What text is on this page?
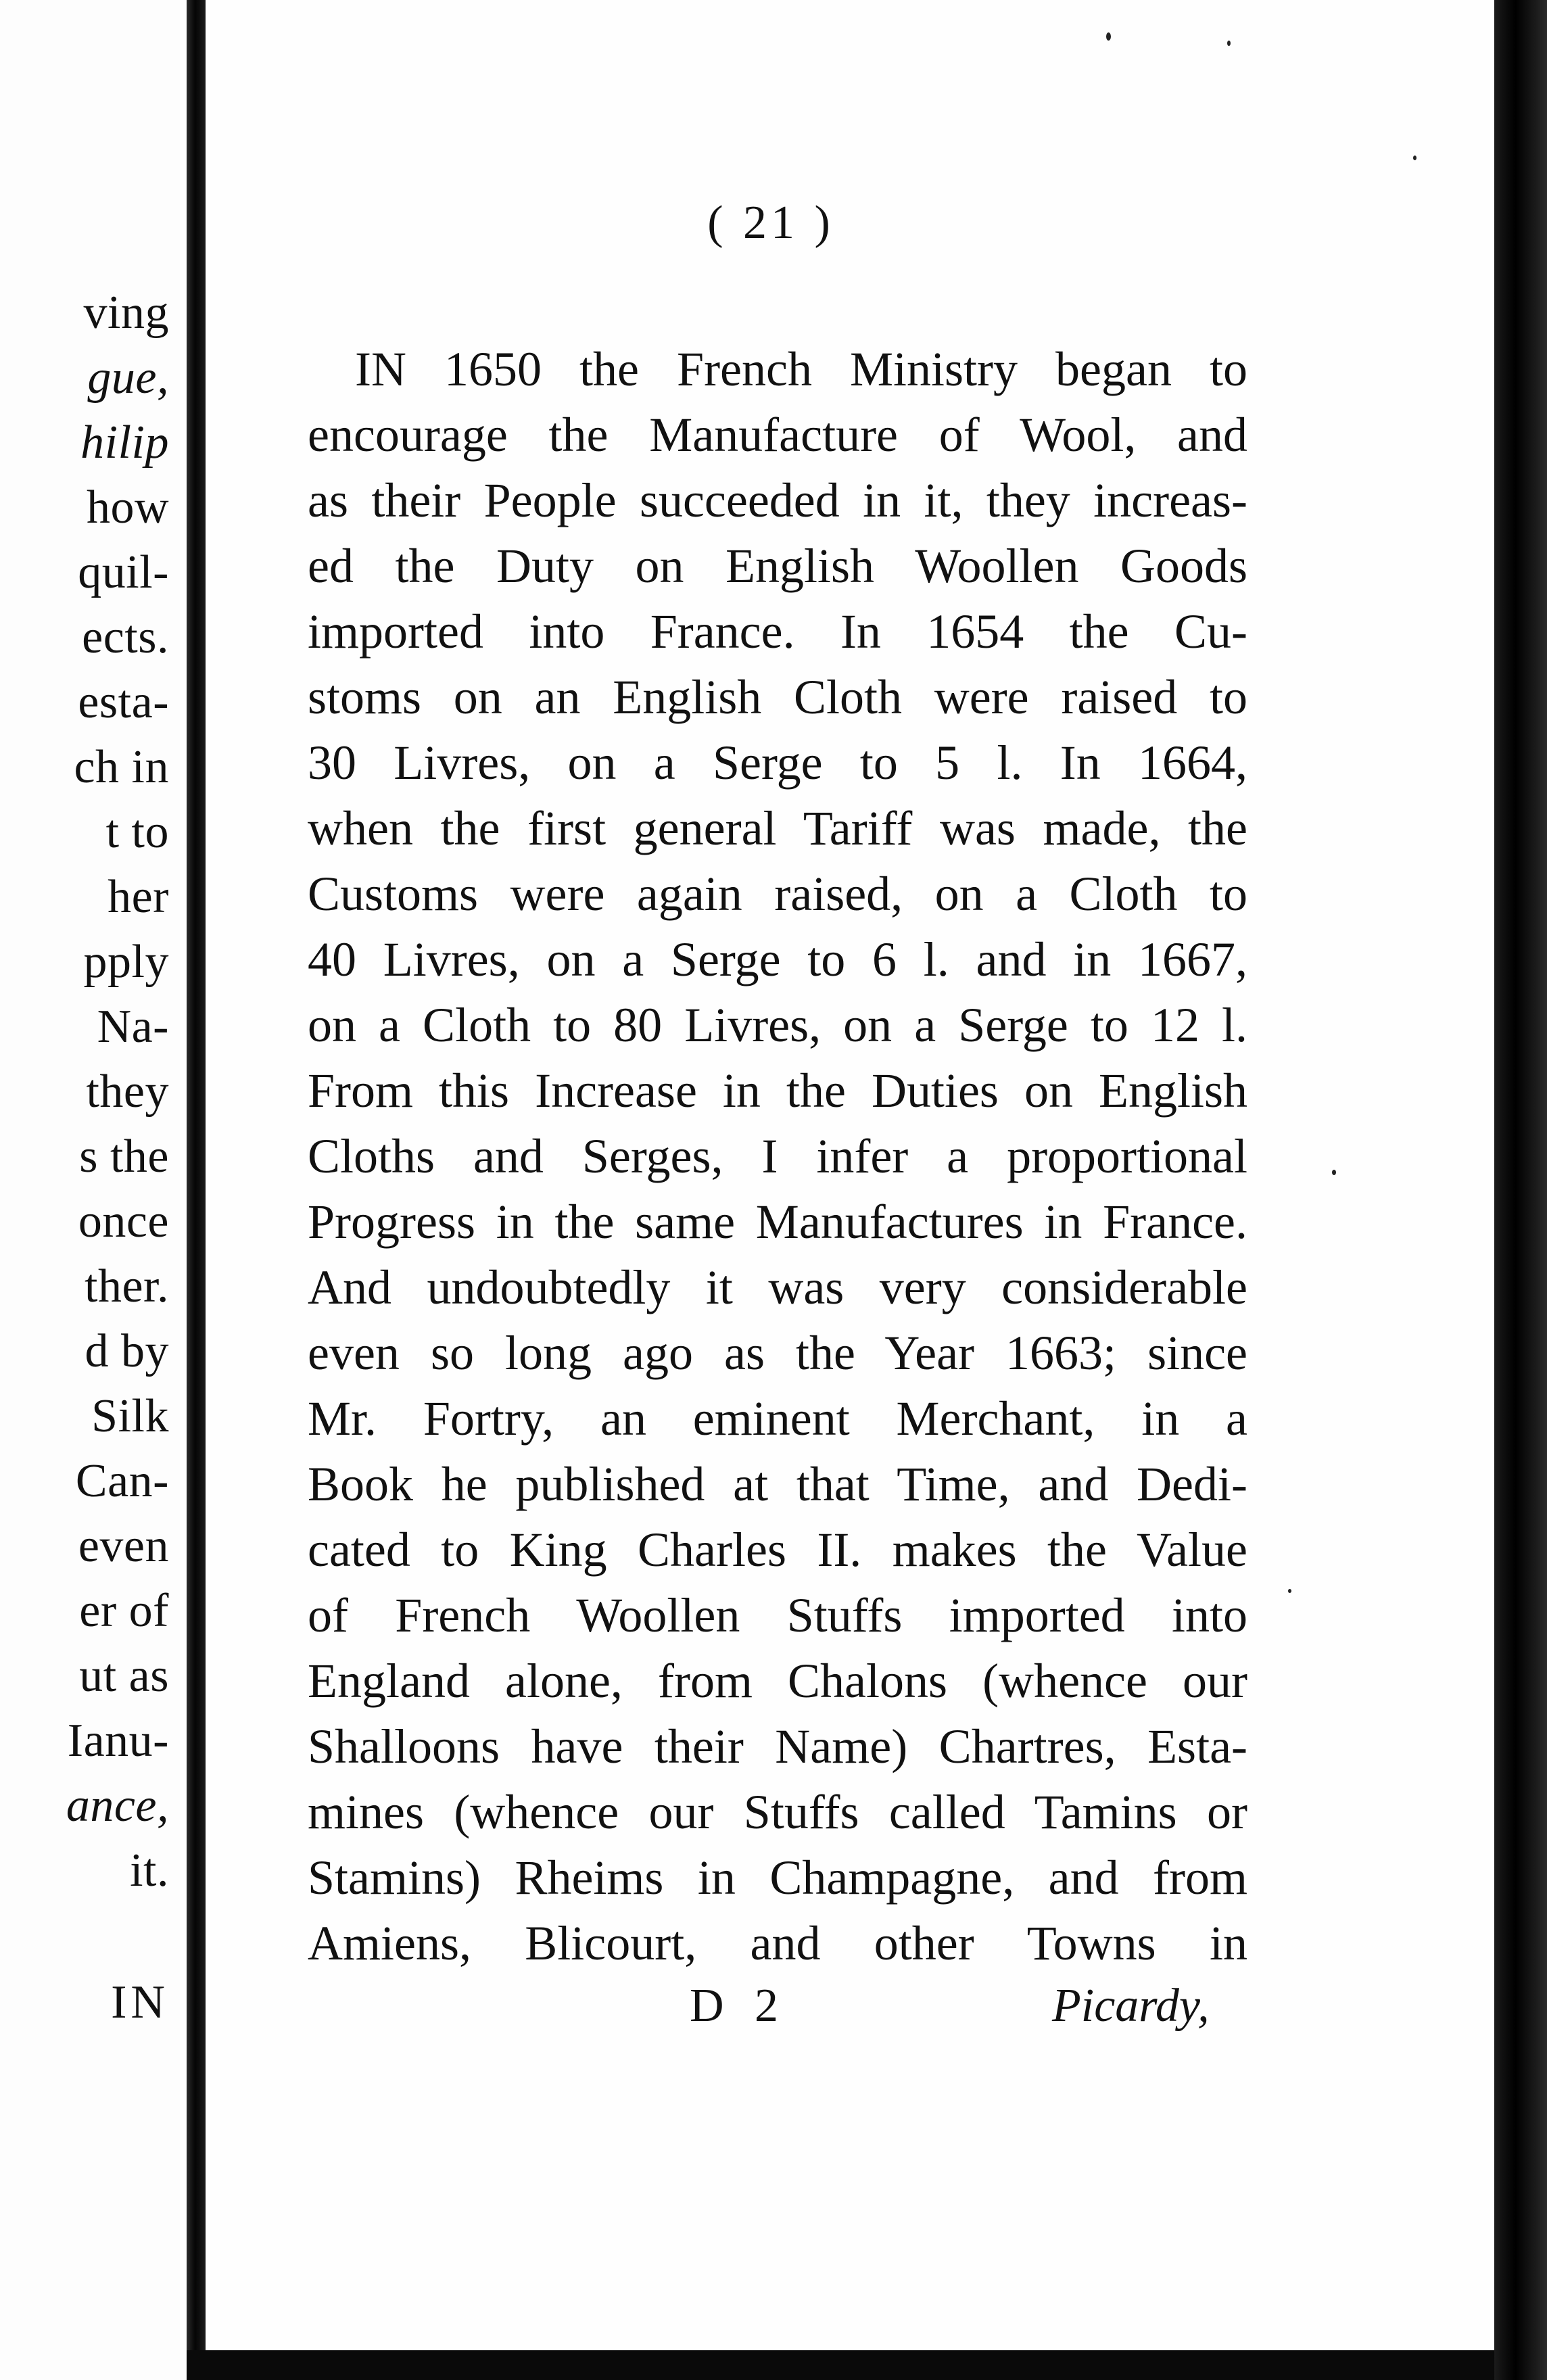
ving
gue,
hilip
how
quil-
ects.
esta-
ch in
t to
her
pply
Na-
they
s the
once
ther.
d by
Silk
Can-
even
er of
ut as
Ianu-
ance,
it.
IN
( 21 )
IN 1650 the French Ministry began to
encourage the Manufacture of Wool, and
as their People succeeded in it, they increas-
ed the Duty on English Woollen Goods
imported into France. In 1654 the Cu-
stoms on an English Cloth were raised to
30 Livres, on a Serge to 5 l. In 1664,
when the first general Tariff was made, the
Customs were again raised, on a Cloth to
40 Livres, on a Serge to 6 l. and in 1667,
on a Cloth to 80 Livres, on a Serge to 12 l.
From this Increase in the Duties on English
Cloths and Serges, I infer a proportional
Progress in the same Manufactures in France.
And undoubtedly it was very considerable
even so long ago as the Year 1663; since
Mr. Fortry, an eminent Merchant, in a
Book he published at that Time, and Dedi-
cated to King Charles II. makes the Value
of French Woollen Stuffs imported into
England alone, from Chalons (whence our
Shalloons have their Name) Chartres, Esta-
mines (whence our Stuffs called Tamins or
Stamins) Rheims in Champagne, and from
Amiens, Blicourt, and other Towns in
D 2	Picardy,
